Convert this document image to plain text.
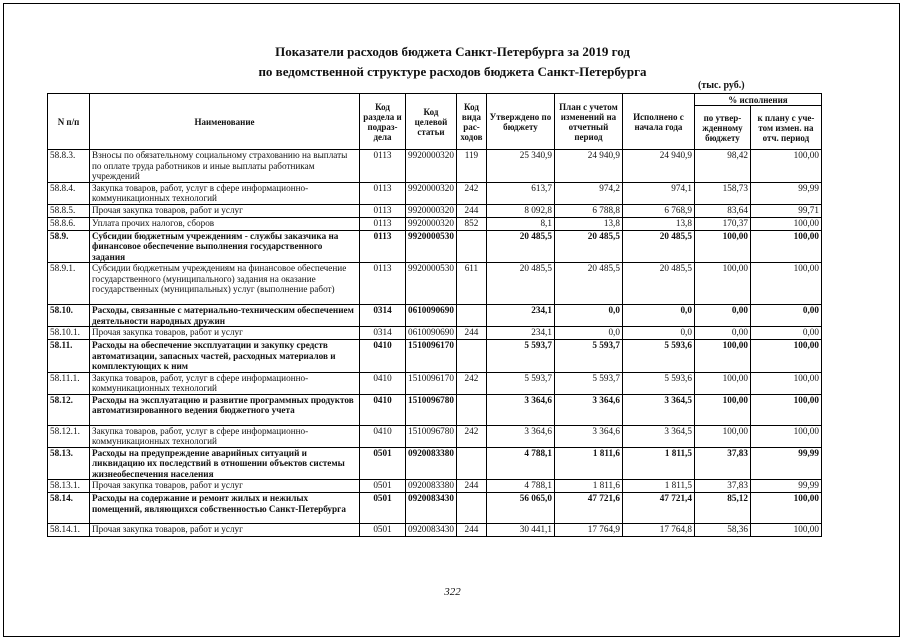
Показатели расходов бюджета Санкт-Петербурга за 2019 год
по ведомственной структуре расходов бюджета Санкт-Петербурга
(тыс. руб.)
N п/п	Наименование	Код раздела и подраз-дела	Код целевой статьи	Код вида рас-ходов	Утверждено по бюджету	План с учетом изменений на отчетный период	Исполнено с начала года	% исполнения	
								по утвер-жденному бюджету	к плану с уче-том измен. на отч. период
58.8.3.	Взносы по обязательному социальному страхованию на выплаты по оплате труда работников и иные выплаты работникам учреждений	0113	9920000320	119	25 340,9	24 940,9	24 940,9	98,42	100,00
58.8.4.	Закупка товаров, работ, услуг в сфере информационно-коммуникационных технологий	0113	9920000320	242	613,7	974,2	974,1	158,73	99,99
58.8.5.	Прочая закупка товаров, работ и услуг	0113	9920000320	244	8 092,8	6 788,8	6 768,9	83,64	99,71
58.8.6.	Уплата прочих налогов, сборов	0113	9920000320	852	8,1	13,8	13,8	170,37	100,00
58.9.	Субсидии бюджетным учреждениям - службы заказчика на финансовое обеспечение выполнения государственного задания	0113	9920000530		20 485,5	20 485,5	20 485,5	100,00	100,00
58.9.1.	Субсидии бюджетным учреждениям на финансовое обеспечение государственного (муниципального) задания на оказание государственных (муниципальных) услуг (выполнение работ)	0113	9920000530	611	20 485,5	20 485,5	20 485,5	100,00	100,00
58.10.	Расходы, связанные с материально-техническим обеспечением деятельности народных дружин	0314	0610090690		234,1	0,0	0,0	0,00	0,00
58.10.1.	Прочая закупка товаров, работ и услуг	0314	0610090690	244	234,1	0,0	0,0	0,00	0,00
58.11.	Расходы на обеспечение эксплуатации и закупку средств автоматизации, запасных частей, расходных материалов и комплектующих к ним	0410	1510096170		5 593,7	5 593,7	5 593,6	100,00	100,00
58.11.1.	Закупка товаров, работ, услуг в сфере информационно-коммуникационных технологий	0410	1510096170	242	5 593,7	5 593,7	5 593,6	100,00	100,00
58.12.	Расходы на эксплуатацию и развитие программных продуктов автоматизированного ведения бюджетного учета	0410	1510096780		3 364,6	3 364,6	3 364,5	100,00	100,00
58.12.1.	Закупка товаров, работ, услуг в сфере информационно-коммуникационных технологий	0410	1510096780	242	3 364,6	3 364,6	3 364,5	100,00	100,00
58.13.	Расходы на предупреждение аварийных ситуаций и ликвидацию их последствий в отношении объектов системы жизнеобеспечения населения	0501	0920083380		4 788,1	1 811,6	1 811,5	37,83	99,99
58.13.1.	Прочая закупка товаров, работ и услуг	0501	0920083380	244	4 788,1	1 811,6	1 811,5	37,83	99,99
58.14.	Расходы на содержание и ремонт жилых и нежилых помещений, являющихся собственностью Санкт-Петербурга	0501	0920083430		56 065,0	47 721,6	47 721,4	85,12	100,00
58.14.1.	Прочая закупка товаров, работ и услуг	0501	0920083430	244	30 441,1	17 764,9	17 764,8	58,36	100,00
322
